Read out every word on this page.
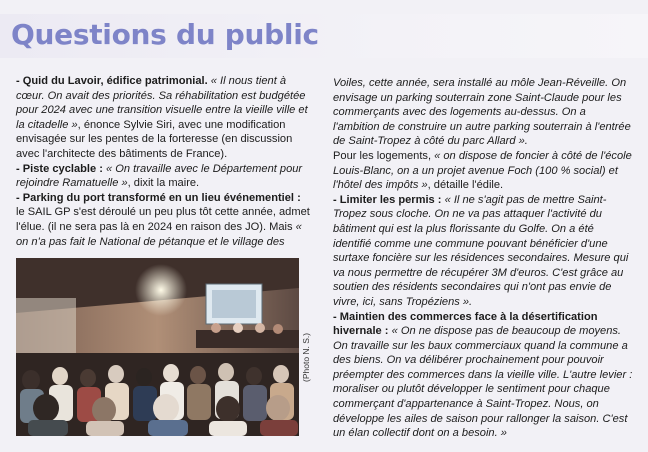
Questions du public

- Quid du Lavoir, édifice patrimonial. « Il nous tient à cœur. On avait des priorités. Sa réhabilitation est budgétée pour 2024 avec une transition visuelle entre la vieille ville et la citadelle », énonce Sylvie Siri, avec une modification envisagée sur les pentes de la forteresse (en discussion avec l'architecte des bâtiments de France).

- Piste cyclable : « On travaille avec le Département pour rejoindre Ramatuelle », dixit la maire.

- Parking du port transformé en un lieu événementiel : le SAIL GP s'est déroulé un peu plus tôt cette année, admet l'élue. (il ne sera pas là en 2024 en raison des JO). Mais « on n'a pas fait le National de pétanque et le village des

(Photo N. S.)

Voiles, cette année, sera installé au môle Jean-Réveille. On envisage un parking souterrain zone Saint-Claude pour les commerçants avec des logements au-dessus. On a l'ambition de construire un autre parking souterrain à l'entrée de Saint-Tropez à côté du parc Allard ».

Pour les logements, « on dispose de foncier à côté de l'école Louis-Blanc, on a un projet avenue Foch (100 % social) et l'hôtel des impôts », détaille l'édile.

- Limiter les permis : « Il ne s'agit pas de mettre Saint-Tropez sous cloche. On ne va pas attaquer l'activité du bâtiment qui est la plus florissante du Golfe. On a été identifié comme une commune pouvant bénéficier d'une surtaxe foncière sur les résidences secondaires. Mesure qui va nous permettre de récupérer 3M d'euros. C'est grâce au soutien des résidents secondaires qui n'ont pas envie de vivre, ici, sans Tropéziens ».

- Maintien des commerces face à la désertification hivernale : « On ne dispose pas de beaucoup de moyens. On travaille sur les baux commerciaux quand la commune a des biens. On va délibérer prochainement pour pouvoir préempter des commerces dans la vieille ville. L'autre levier : moraliser ou plutôt développer le sentiment pour chaque commerçant d'appartenance à Saint-Tropez. Nous, on développe les ailes de saison pour rallonger la saison. C'est un élan collectif dont on a besoin. »
